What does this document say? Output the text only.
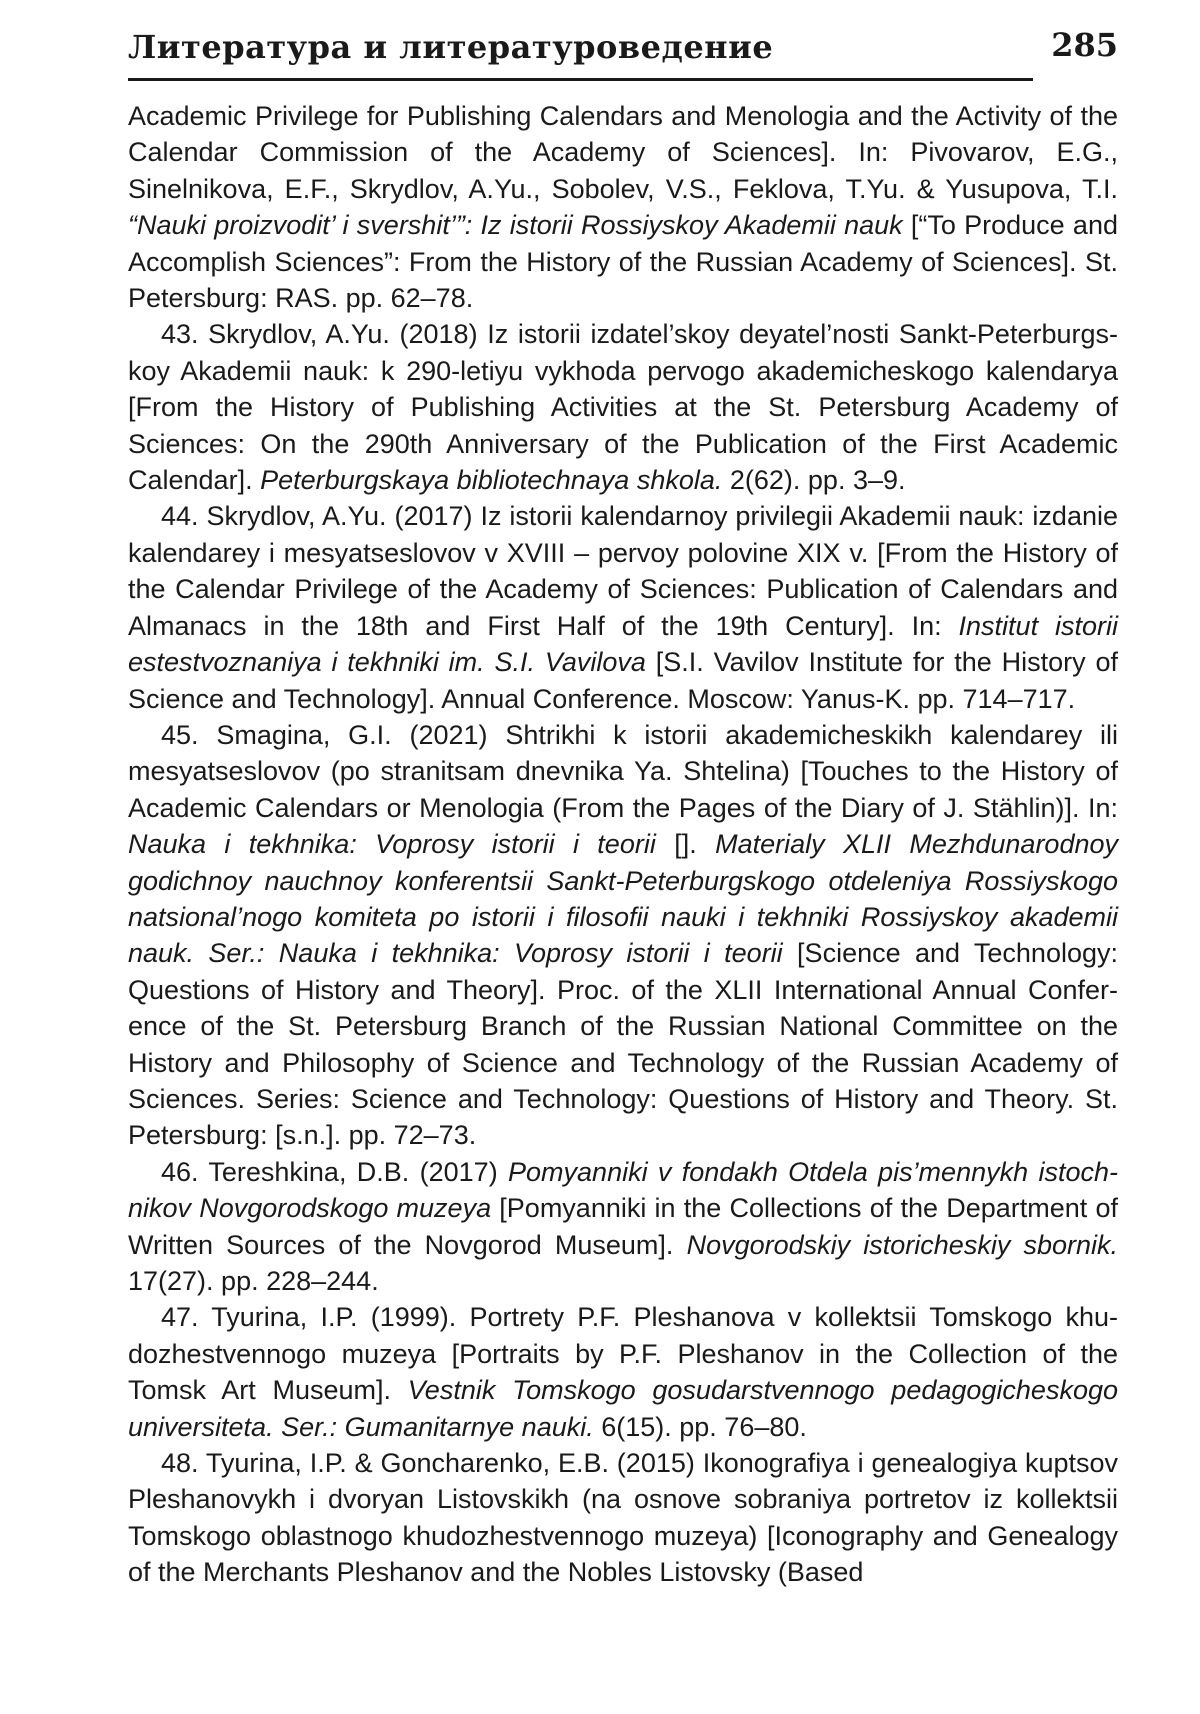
Литература и литературоведение	285

Academic Privilege for Publishing Calendars and Menologia and the Activity of the Calendar Commission of the Academy of Sciences]. In: Pivovarov, E.G., Sinelnikova, E.F., Skrydlov, A.Yu., Sobolev, V.S., Feklova, T.Yu. & Yusupova, T.I. “Nauki proizvodit’ i svershit’”: Iz istorii Rossiyskoy Akademii nauk [“To Produce and Accomplish Sciences”: From the History of the Russian Academy of Sciences]. St. Petersburg: RAS. pp. 62–78.

43. Skrydlov, A.Yu. (2018) Iz istorii izdatel’skoy deyatel’nosti Sankt-Peterburgskoy Akademii nauk: k 290-letiyu vykhoda pervogo akademicheskogo kalendarya [From the History of Publishing Activities at the St. Petersburg Academy of Sciences: On the 290th Anniversary of the Publication of the First Academic Calendar]. Peterburgskaya bibliotechnaya shkola. 2(62). pp. 3–9.

44. Skrydlov, A.Yu. (2017) Iz istorii kalendarnoy privilegii Akademii nauk: izdanie kalendarey i mesyatseslovov v XVIII – pervoy polovine XIX v. [From the History of the Calendar Privilege of the Academy of Sciences: Publication of Calendars and Almanacs in the 18th and First Half of the 19th Century]. In: Institut istorii estestvoznaniya i tekhniki im. S.I. Vavilova [S.I. Vavilov Institute for the History of Science and Technology]. Annual Conference. Moscow: Yanus-K. pp. 714–717.

45. Smagina, G.I. (2021) Shtrikhi k istorii akademicheskikh kalendarey ili mesyatseslovov (po stranitsam dnevnika Ya. Shtelina) [Touches to the History of Academic Calendars or Menologia (From the Pages of the Diary of J. Stählin)]. In: Nauka i tekhnika: Voprosy istorii i teorii []. Materialy XLII Mezhdunarodnoy godichnoy nauchnoy konferentsii Sankt-Peterburgskogo otdeleniya Rossiyskogo natsional’nogo komiteta po istorii i filosofii nauki i tekhniki Rossiyskoy akademii nauk. Ser.: Nauka i tekhnika: Voprosy istorii i teorii [Science and Technology: Questions of History and Theory]. Proc. of the XLII International Annual Conference of the St. Petersburg Branch of the Russian National Committee on the History and Philosophy of Science and Technology of the Russian Academy of Sciences. Series: Science and Technology: Questions of History and Theory. St. Petersburg: [s.n.]. pp. 72–73.

46. Tereshkina, D.B. (2017) Pomyanniki v fondakh Otdela pis’mennykh istochnikov Novgorodskogo muzeya [Pomyanniki in the Collections of the Department of Written Sources of the Novgorod Museum]. Novgorodskiy istoricheskiy sbornik. 17(27). pp. 228–244.

47. Tyurina, I.P. (1999). Portrety P.F. Pleshanova v kollektsii Tomskogo khudozhestvennogo muzeya [Portraits by P.F. Pleshanov in the Collection of the Tomsk Art Museum]. Vestnik Tomskogo gosudarstvennogo pedagogicheskogo universiteta. Ser.: Gumanitarnye nauki. 6(15). pp. 76–80.

48. Tyurina, I.P. & Goncharenko, E.B. (2015) Ikonografiya i genealogiya kuptsov Pleshanovykh i dvoryan Listovskikh (na osnove sobraniya portretov iz kollektsii Tomskogo oblastnogo khudozhestvennogo muzeya) [Iconography and Genealogy of the Merchants Pleshanov and the Nobles Listovsky (Based
